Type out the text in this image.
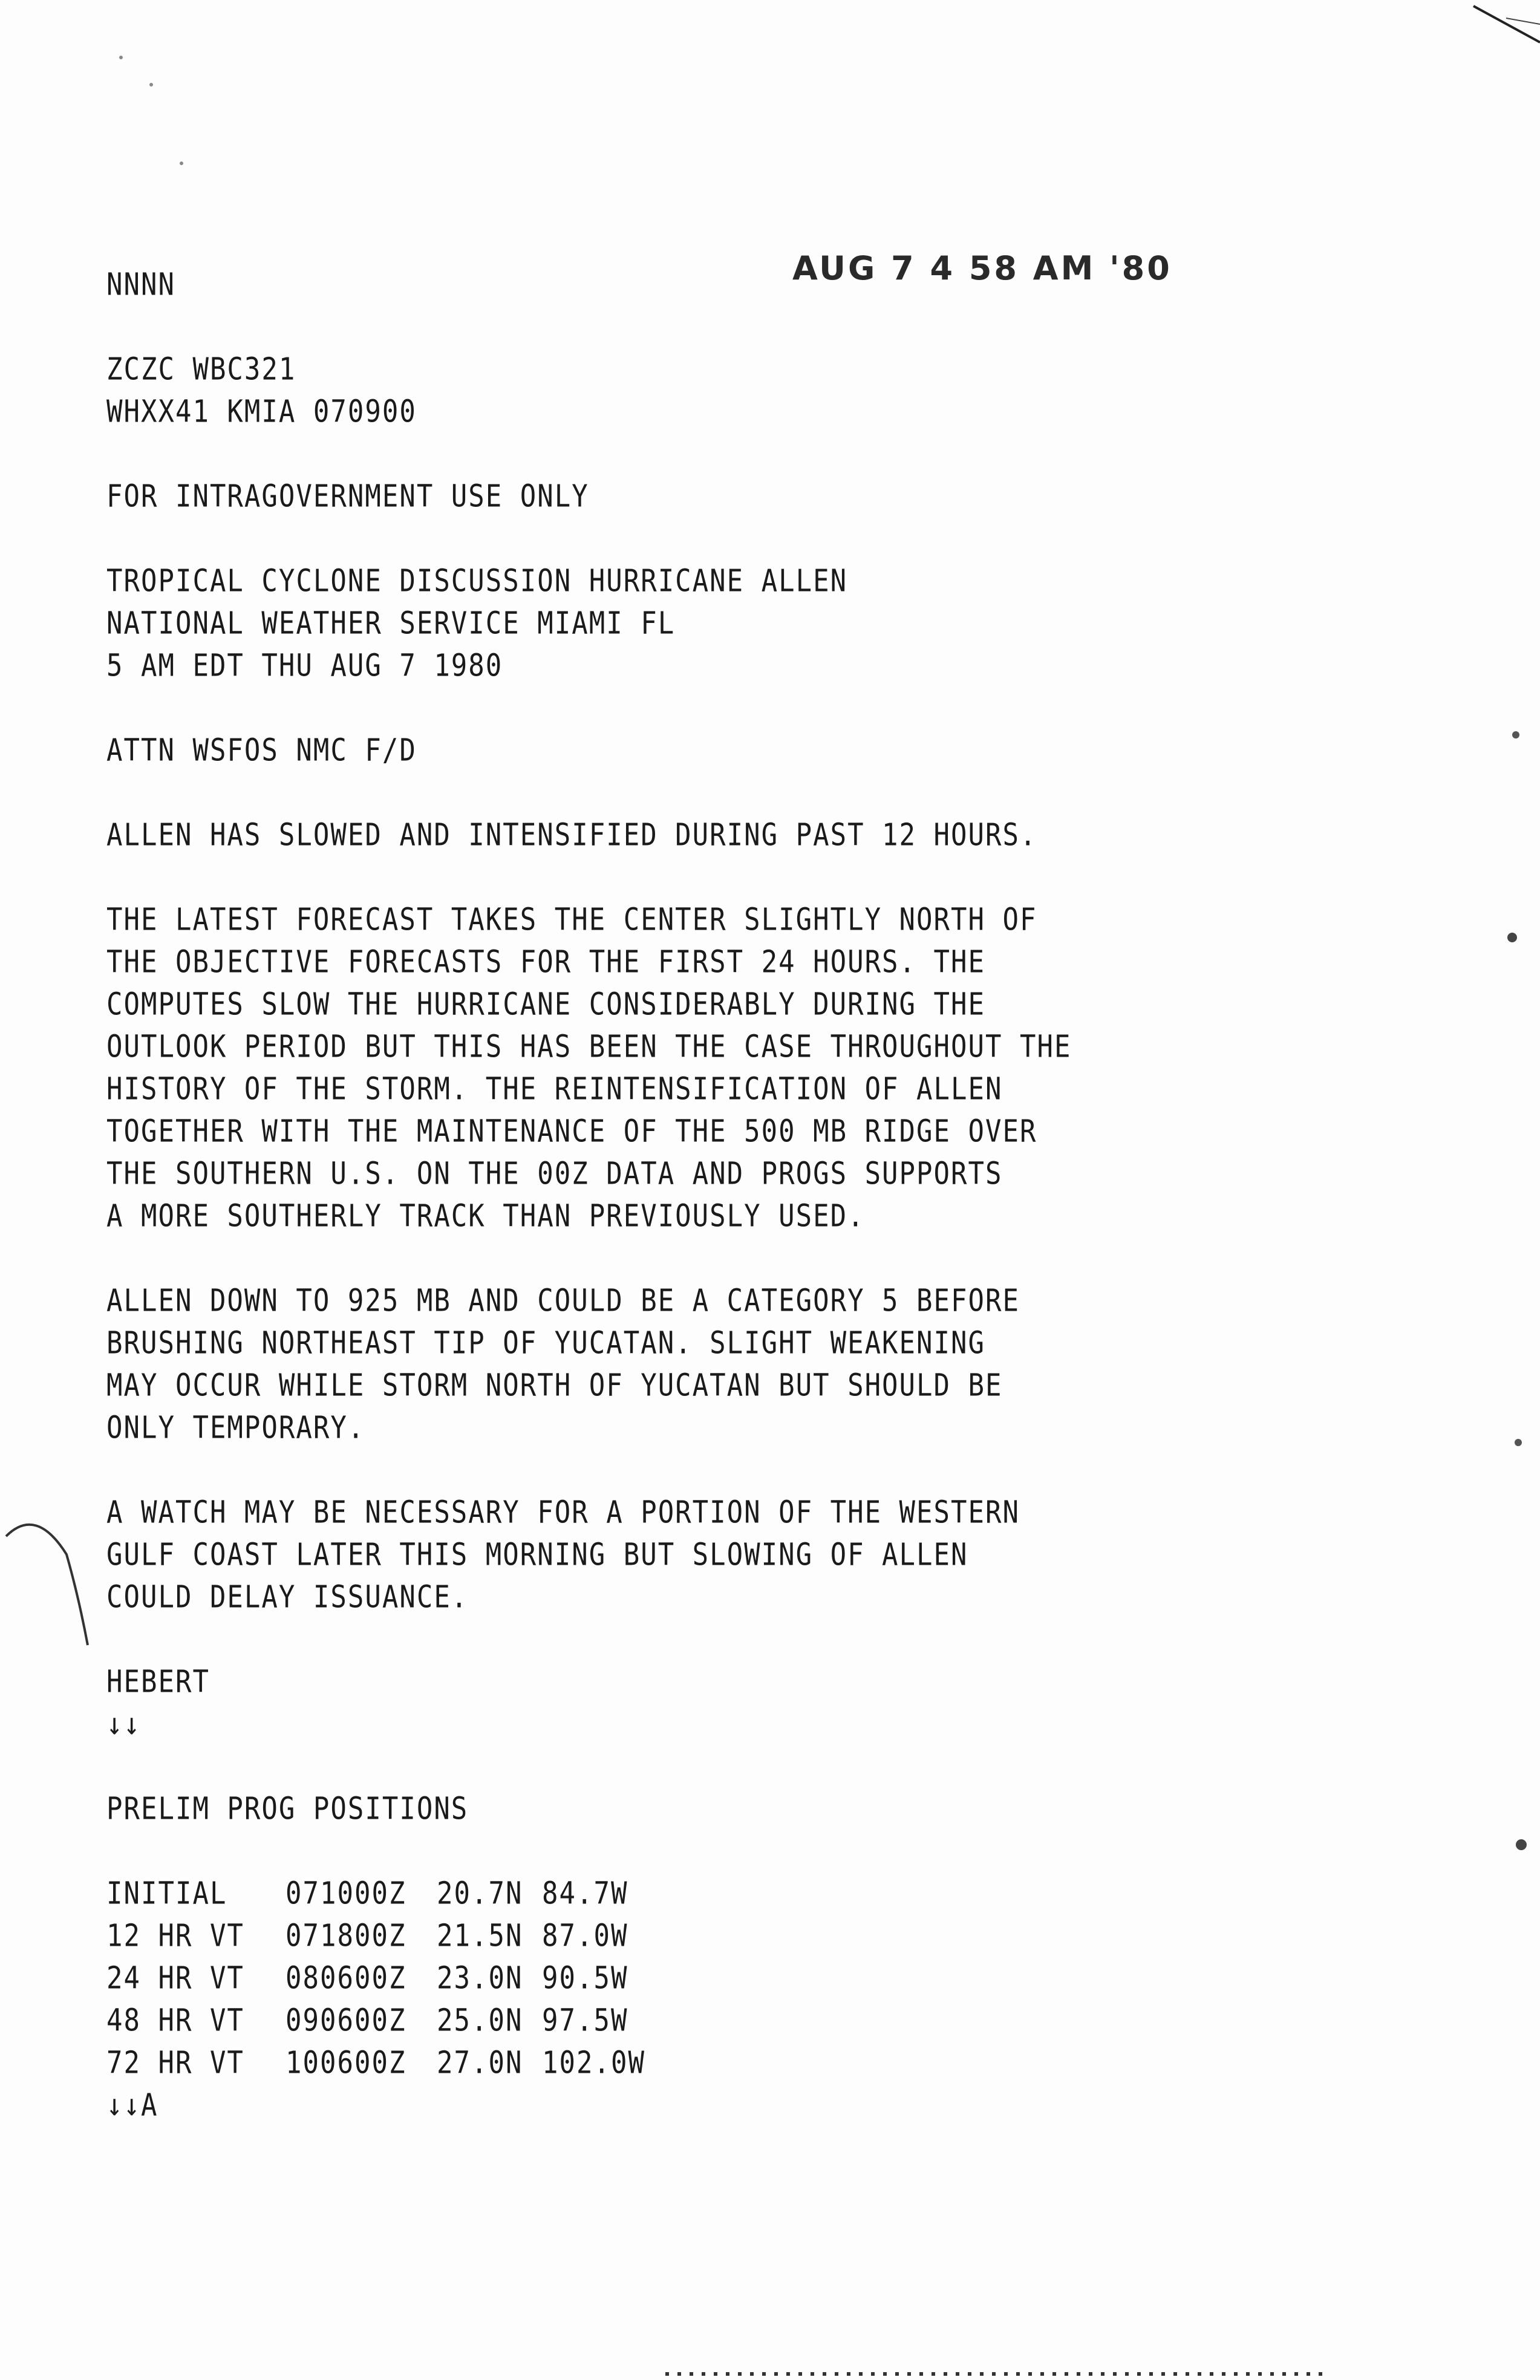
NNNN	AUG 7 4 58 AM '80
ZCZC WBC321
WHXX41 KMIA 070900
FOR INTRAGOVERNMENT USE ONLY
TROPICAL CYCLONE DISCUSSION HURRICANE ALLEN
NATIONAL WEATHER SERVICE MIAMI FL
5 AM EDT THU AUG 7 1980
ATTN WSFOS NMC F/D
ALLEN HAS SLOWED AND INTENSIFIED DURING PAST 12 HOURS.
THE LATEST FORECAST TAKES THE CENTER SLIGHTLY NORTH OF
THE OBJECTIVE FORECASTS FOR THE FIRST 24 HOURS. THE
COMPUTES SLOW THE HURRICANE CONSIDERABLY DURING THE
OUTLOOK PERIOD BUT THIS HAS BEEN THE CASE THROUGHOUT THE
HISTORY OF THE STORM. THE REINTENSIFICATION OF ALLEN
TOGETHER WITH THE MAINTENANCE OF THE 500 MB RIDGE OVER
THE SOUTHERN U.S. ON THE 00Z DATA AND PROGS SUPPORTS
A MORE SOUTHERLY TRACK THAN PREVIOUSLY USED.
ALLEN DOWN TO 925 MB AND COULD BE A CATEGORY 5 BEFORE
BRUSHING NORTHEAST TIP OF YUCATAN. SLIGHT WEAKENING
MAY OCCUR WHILE STORM NORTH OF YUCATAN BUT SHOULD BE
ONLY TEMPORARY.
A WATCH MAY BE NECESSARY FOR A PORTION OF THE WESTERN
GULF COAST LATER THIS MORNING BUT SLOWING OF ALLEN
COULD DELAY ISSUANCE.
HEBERT
↓↓
PRELIM PROG POSITIONS

INITIAL

071000Z

20.7N

84.7W

12 HR VT

071800Z

21.5N

87.0W

24 HR VT

080600Z

23.0N

90.5W

48 HR VT

090600Z

25.0N

97.5W

72 HR VT

100600Z

27.0N

102.0W

↓↓A
